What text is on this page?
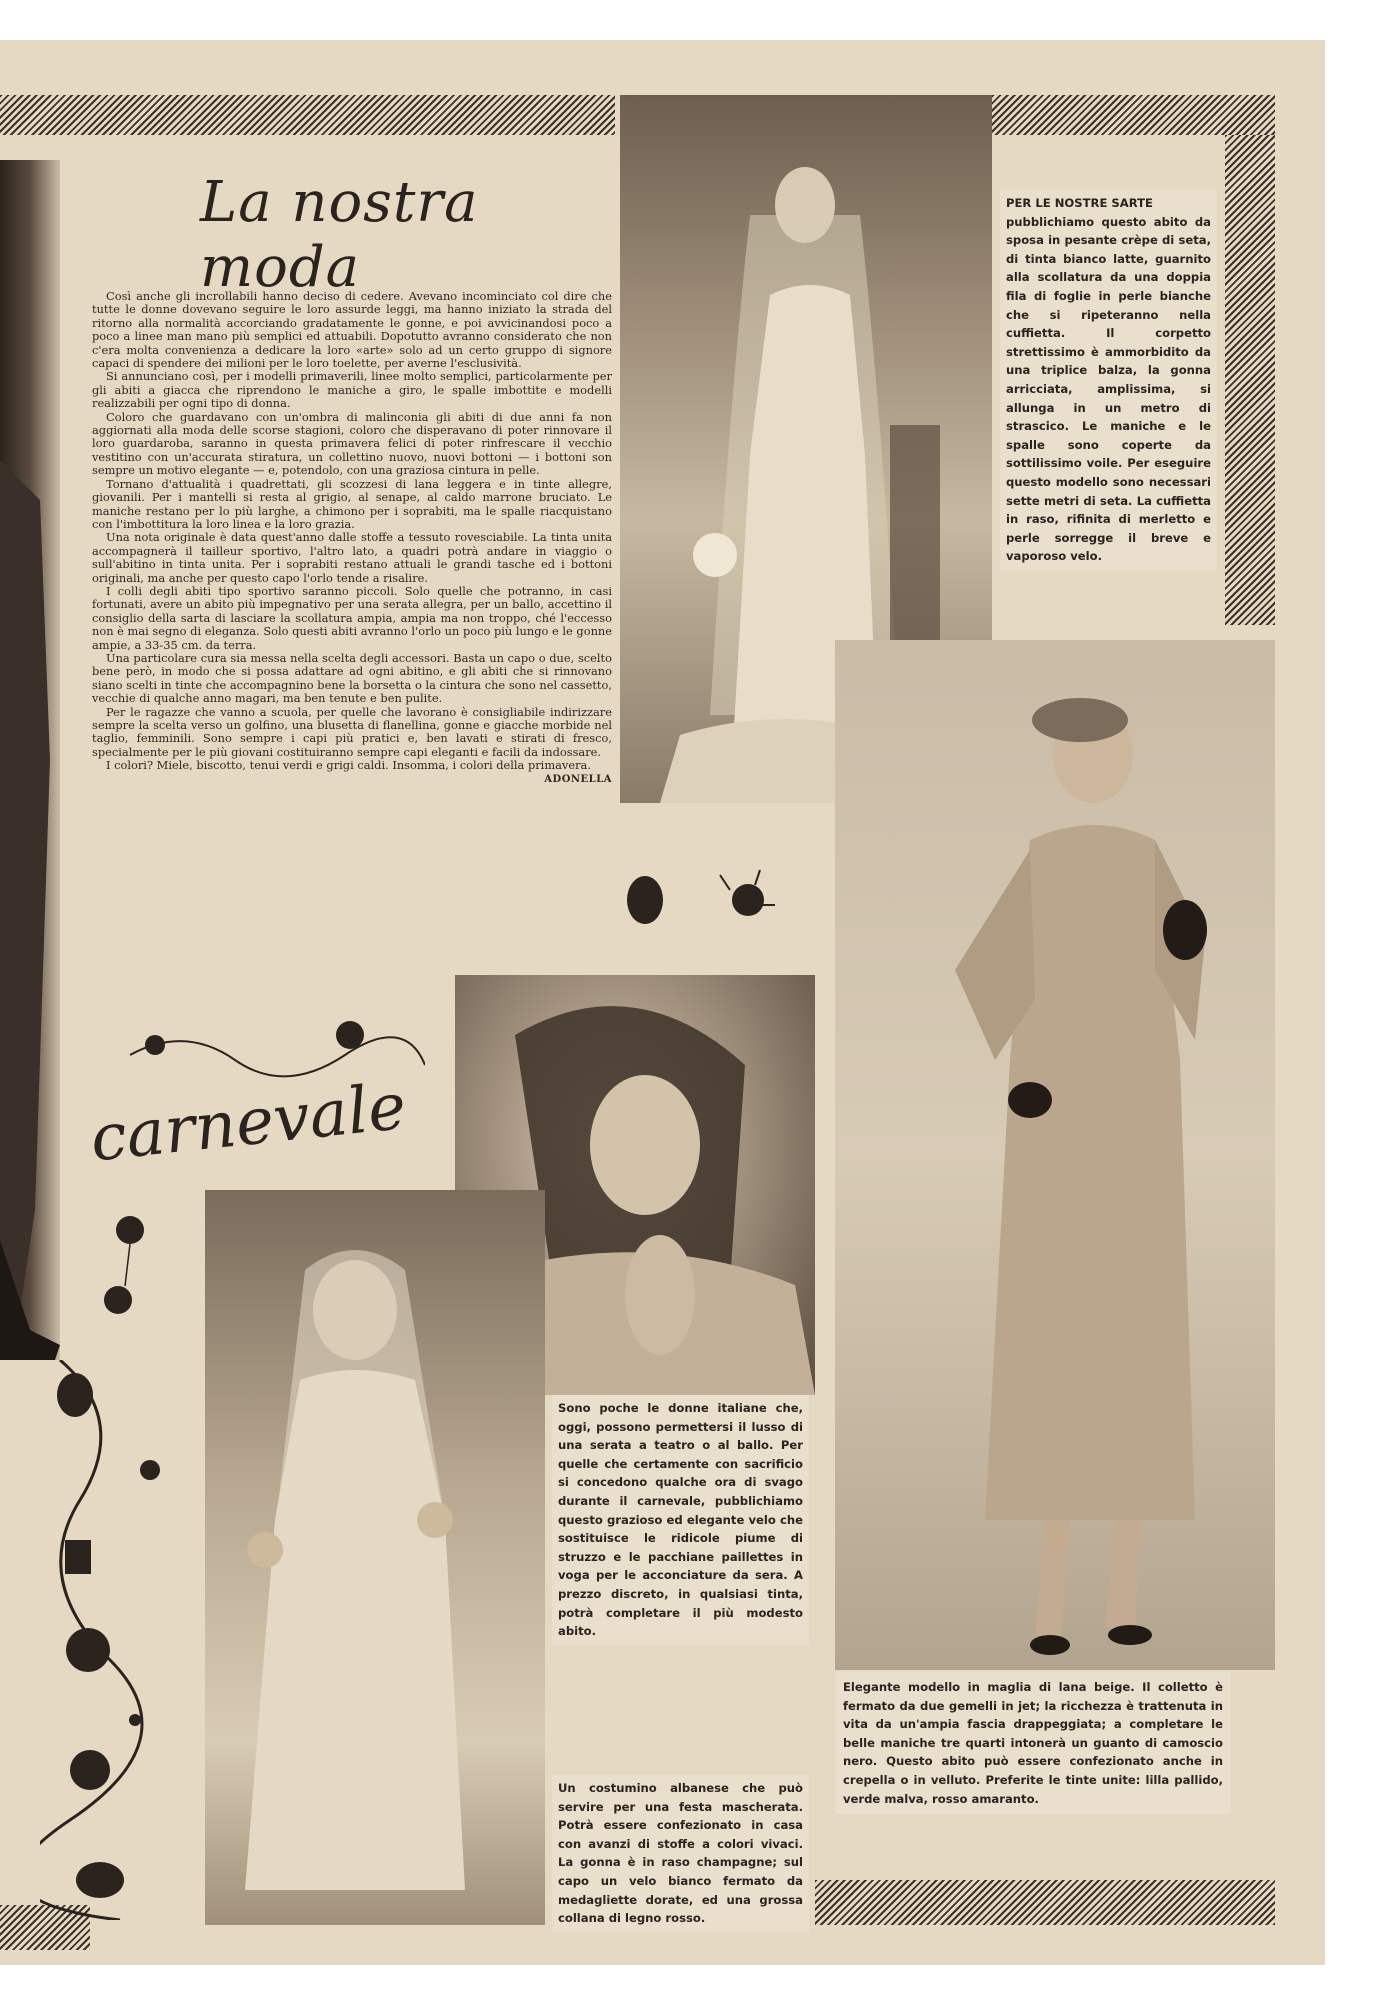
La nostra moda

Così anche gli incrollabili hanno deciso di cedere. Avevano incominciato col dire che tutte le donne dovevano seguire le loro assurde leggi, ma hanno iniziato la strada del ritorno alla normalità accorciando gradatamente le gonne, e poi avvicinandosi poco a poco a linee man mano più semplici ed attuabili. Dopotutto avranno considerato che non c'era molta convenienza a dedicare la loro «arte» solo ad un certo gruppo di signore capaci di spendere dei milioni per le loro toelette, per averne l'esclusività.

Si annunciano così, per i modelli primaverili, linee molto semplici, particolarmente per gli abiti a giacca che riprendono le maniche a giro, le spalle imbottite e modelli realizzabili per ogni tipo di donna.

Coloro che guardavano con un'ombra di malinconia gli abiti di due anni fa non aggiornati alla moda delle scorse stagioni, coloro che disperavano di poter rinnovare il loro guardaroba, saranno in questa primavera felici di poter rinfrescare il vecchio vestitino con un'accurata stiratura, un collettino nuovo, nuovi bottoni — i bottoni son sempre un motivo elegante — e, potendolo, con una graziosa cintura in pelle.

Tornano d'attualità i quadrettati, gli scozzesi di lana leggera e in tinte allegre, giovanili. Per i mantelli si resta al grigio, al senape, al caldo marrone bruciato. Le maniche restano per lo più larghe, a chimono per i soprabiti, ma le spalle riacquistano con l'imbottitura la loro linea e la loro grazia.

Una nota originale è data quest'anno dalle stoffe a tessuto rovesciabile. La tinta unita accompagnerà il tailleur sportivo, l'altro lato, a quadri potrà andare in viaggio o sull'abitino in tinta unita. Per i soprabiti restano attuali le grandi tasche ed i bottoni originali, ma anche per questo capo l'orlo tende a risalire.

I colli degli abiti tipo sportivo saranno piccoli. Solo quelle che potranno, in casi fortunati, avere un abito più impegnativo per una serata allegra, per un ballo, accettino il consiglio della sarta di lasciare la scollatura ampia, ampia ma non troppo, ché l'eccesso non è mai segno di eleganza. Solo questi abiti avranno l'orlo un poco più lungo e le gonne ampie, a 33-35 cm. da terra.

Una particolare cura sia messa nella scelta degli accessori. Basta un capo o due, scelto bene però, in modo che si possa adattare ad ogni abitino, e gli abiti che si rinnovano siano scelti in tinte che accompagnino bene la borsetta o la cintura che sono nel cassetto, vecchie di qualche anno magari, ma ben tenute e ben pulite.

Per le ragazze che vanno a scuola, per quelle che lavorano è consigliabile indirizzare sempre la scelta verso un golfino, una blusetta di flanellina, gonne e giacche morbide nel taglio, femminili. Sono sempre i capi più pratici e, ben lavati e stirati di fresco, specialmente per le più giovani costituiranno sempre capi eleganti e facili da indossare.

I colori? Miele, biscotto, tenui verdi e grigi caldi. Insomma, i colori della primavera.
ADONELLA

PER LE NOSTRE SARTE
pubblichiamo questo abito da sposa in pesante crèpe di seta, di tinta bianco latte, guarnito alla scollatura da una doppia fila di foglie in perle bianche che si ripeteranno nella cuffietta. Il corpetto strettissimo è ammorbidito da una triplice balza, la gonna arricciata, amplissima, si allunga in un metro di strascico. Le maniche e le spalle sono coperte da sottilissimo voile. Per eseguire questo modello sono necessari sette metri di seta. La cuffietta in raso, rifinita di merletto e perle sorregge il breve e vaporoso velo.
Elegante modello in maglia di lana beige. Il colletto è fermato da due gemelli in jet; la ricchezza è trattenuta in vita da un'ampia fascia drappeggiata; a completare le belle maniche tre quarti intonerà un guanto di camoscio nero. Questo abito può essere confezionato anche in crepella o in velluto. Preferite le tinte unite: lilla pallido, verde malva, rosso amaranto.
Sono poche le donne italiane che, oggi, possono permettersi il lusso di una serata a teatro o al ballo. Per quelle che certamente con sacrificio si concedono qualche ora di svago durante il carnevale, pubblichiamo questo grazioso ed elegante velo che sostituisce le ridicole piume di struzzo e le pacchiane paillettes in voga per le acconciature da sera. A prezzo discreto, in qualsiasi tinta, potrà completare il più modesto abito.
Un costumino albanese che può servire per una festa mascherata. Potrà essere confezionato in casa con avanzi di stoffe a colori vivaci. La gonna è in raso champagne; sul capo un velo bianco fermato da medagliette dorate, ed una grossa collana di legno rosso.
carnevale
